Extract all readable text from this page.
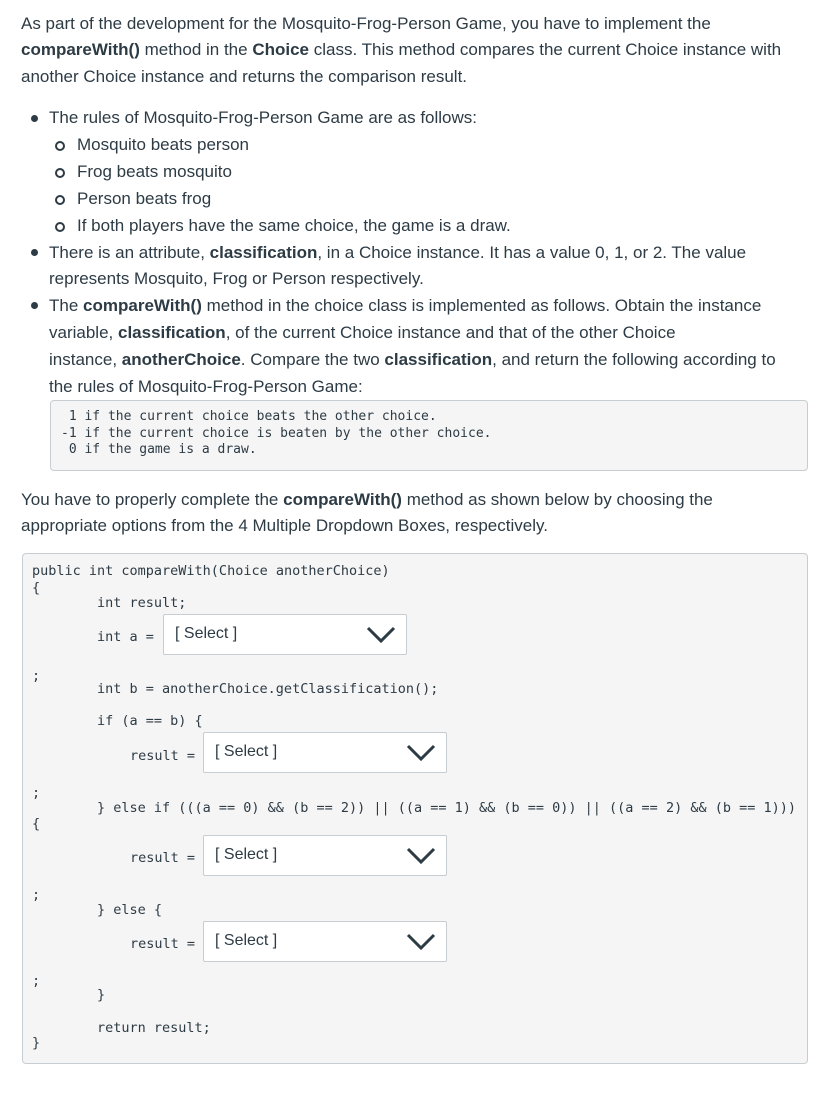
As part of the development for the Mosquito-Frog-Person Game, you have to implement the
compareWith() method in the Choice class. This method compares the current Choice instance with
another Choice instance and returns the comparison result.
The rules of Mosquito-Frog-Person Game are as follows:
Mosquito beats person
Frog beats mosquito
Person beats frog
If both players have the same choice, the game is a draw.
There is an attribute, classification, in a Choice instance. It has a value 0, 1, or 2. The value
represents Mosquito, Frog or Person respectively.
The compareWith() method in the choice class is implemented as follows. Obtain the instance
variable, classification, of the current Choice instance and that of the other Choice
instance, anotherChoice. Compare the two classification, and return the following according to
the rules of Mosquito-Frog-Person Game:
1 if the current choice beats the other choice.
-1 if the current choice is beaten by the other choice.
0 if the game is a draw.
You have to properly complete the compareWith() method as shown below by choosing the
appropriate options from the 4 Multiple Dropdown Boxes, respectively.
public int compareWith(Choice anotherChoice)
{
int result;
int a = [ Select ]
;
int b = anotherChoice.getClassification();
if (a == b) {
result = [ Select ]
;
} else if (((a == 0) && (b == 2)) || ((a == 1) && (b == 0)) || ((a == 2) && (b == 1)))
{
result = [ Select ]
;
} else {
result = [ Select ]
;
}
return result;
}
